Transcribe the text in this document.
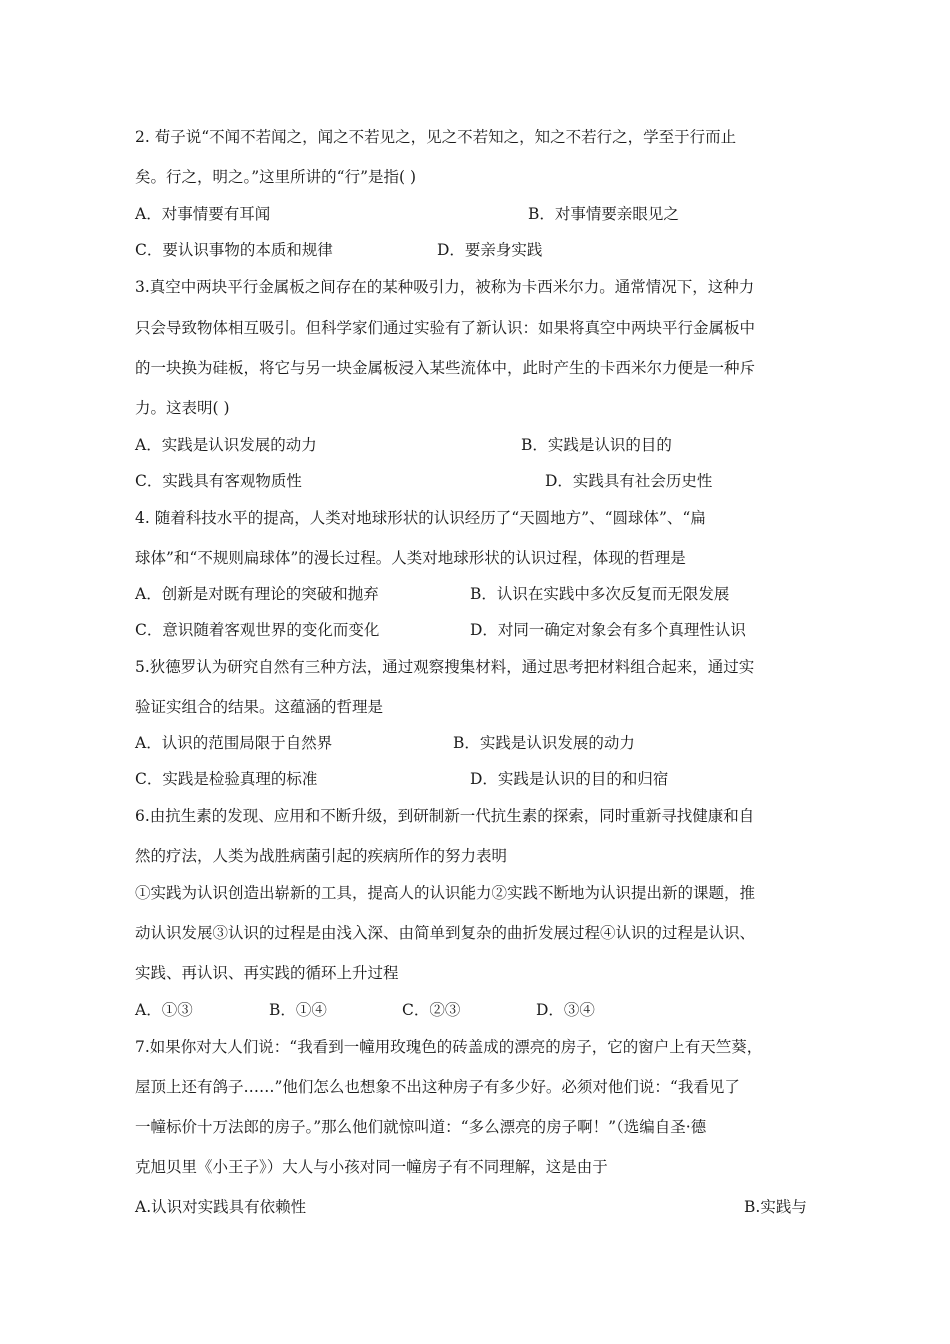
2. 荀子说“不闻不若闻之，闻之不若见之，见之不若知之，知之不若行之，学至于行而止
矣。行之，明之。”这里所讲的“行”是指( )
A．对事情要有耳闻	B．对事情要亲眼见之
C．要认识事物的本质和规律	D．要亲身实践
3.真空中两块平行金属板之间存在的某种吸引力，被称为卡西米尔力。通常情况下，这种力
只会导致物体相互吸引。但科学家们通过实验有了新认识：如果将真空中两块平行金属板中
的一块换为硅板，将它与另一块金属板浸入某些流体中，此时产生的卡西米尔力便是一种斥
力。这表明( )
A．实践是认识发展的动力	B．实践是认识的目的
C．实践具有客观物质性	D．实践具有社会历史性
4. 随着科技水平的提高，人类对地球形状的认识经历了“天圆地方”、“圆球体”、“扁
球体”和“不规则扁球体”的漫长过程。人类对地球形状的认识过程，体现的哲理是
A．创新是对既有理论的突破和抛弃	B．认识在实践中多次反复而无限发展
C．意识随着客观世界的变化而变化	D．对同一确定对象会有多个真理性认识
5.狄德罗认为研究自然有三种方法，通过观察搜集材料，通过思考把材料组合起来，通过实
验证实组合的结果。这蕴涵的哲理是
A．认识的范围局限于自然界	B．实践是认识发展的动力
C．实践是检验真理的标准	D．实践是认识的目的和归宿
6.由抗生素的发现、应用和不断升级，到研制新一代抗生素的探索，同时重新寻找健康和自
然的疗法，人类为战胜病菌引起的疾病所作的努力表明
①实践为认识创造出崭新的工具，提高人的认识能力②实践不断地为认识提出新的课题，推
动认识发展③认识的过程是由浅入深、由简单到复杂的曲折发展过程④认识的过程是认识、
实践、再认识、再实践的循环上升过程
A．①③	B．①④	C．②③	D．③④
7.如果你对大人们说：“我看到一幢用玫瑰色的砖盖成的漂亮的房子，它的窗户上有天竺葵，
屋顶上还有鸽子……”他们怎么也想象不出这种房子有多少好。必须对他们说：“我看见了
一幢标价十万法郎的房子。”那么他们就惊叫道：“多么漂亮的房子啊！”（选编自圣·德
克旭贝里《小王子》）大人与小孩对同一幢房子有不同理解，这是由于
A.认识对实践具有依赖性	B.实践与
